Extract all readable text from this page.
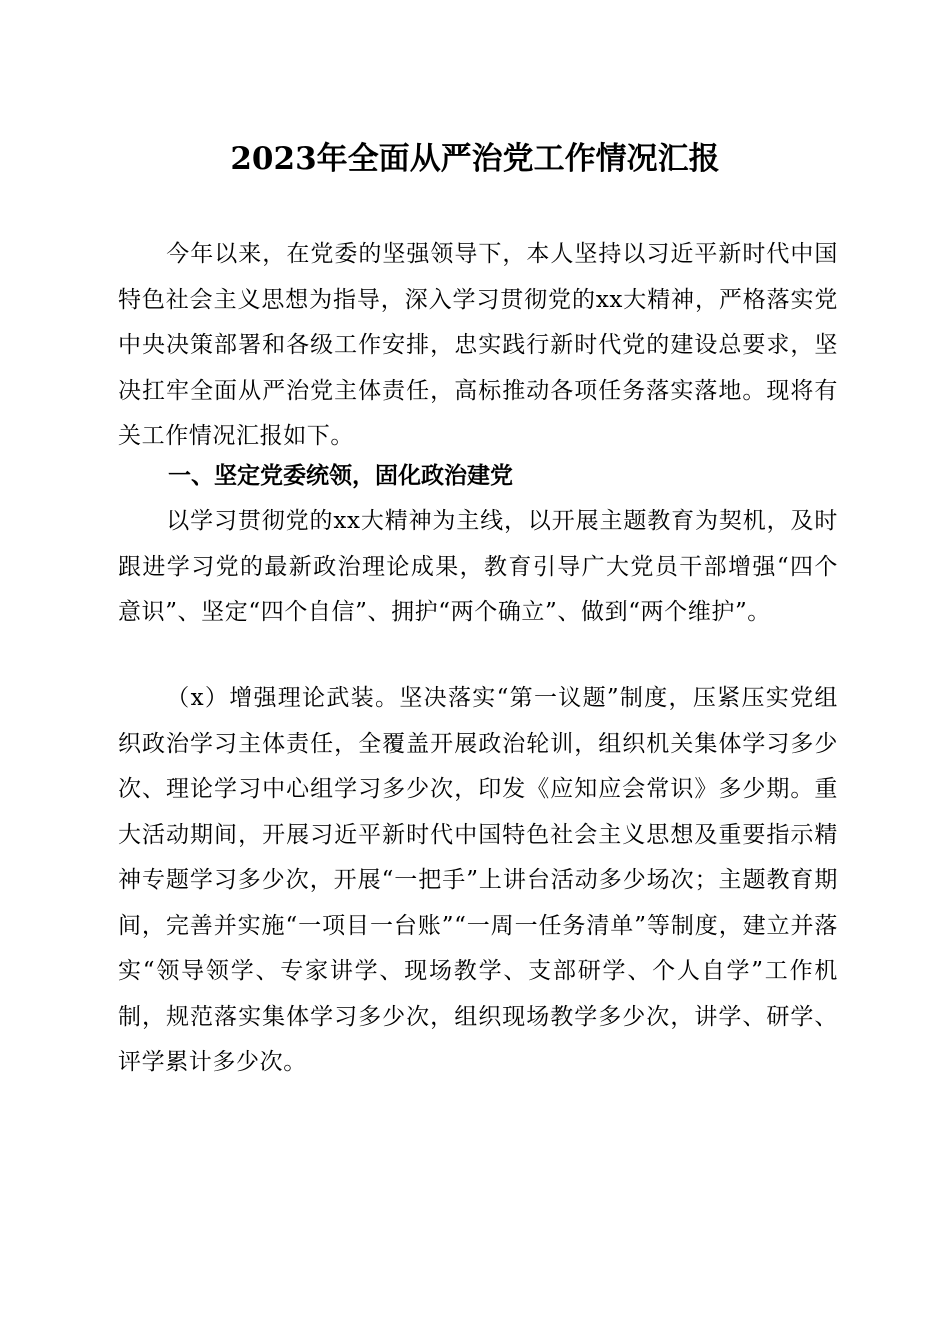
2023年全面从严治党工作情况汇报
今年以来，在党委的坚强领导下，本人坚持以习近平新时代中国特色社会主义思想为指导，深入学习贯彻党的xx大精神，严格落实党中央决策部署和各级工作安排，忠实践行新时代党的建设总要求，坚决扛牢全面从严治党主体责任，高标推动各项任务落实落地。现将有关工作情况汇报如下。
一、坚定党委统领，固化政治建党
以学习贯彻党的xx大精神为主线，以开展主题教育为契机，及时跟进学习党的最新政治理论成果，教育引导广大党员干部增强“四个意识”、坚定“四个自信”、拥护“两个确立”、做到“两个维护”。
（x）增强理论武装。坚决落实“第一议题”制度，压紧压实党组织政治学习主体责任，全覆盖开展政治轮训，组织机关集体学习多少次、理论学习中心组学习多少次，印发《应知应会常识》多少期。重大活动期间，开展习近平新时代中国特色社会主义思想及重要指示精神专题学习多少次，开展“一把手”上讲台活动多少场次；主题教育期间，完善并实施“一项目一台账”“一周一任务清单”等制度，建立并落实“领导领学、专家讲学、现场教学、支部研学、个人自学”工作机制，规范落实集体学习多少次，组织现场教学多少次，讲学、研学、评学累计多少次。
